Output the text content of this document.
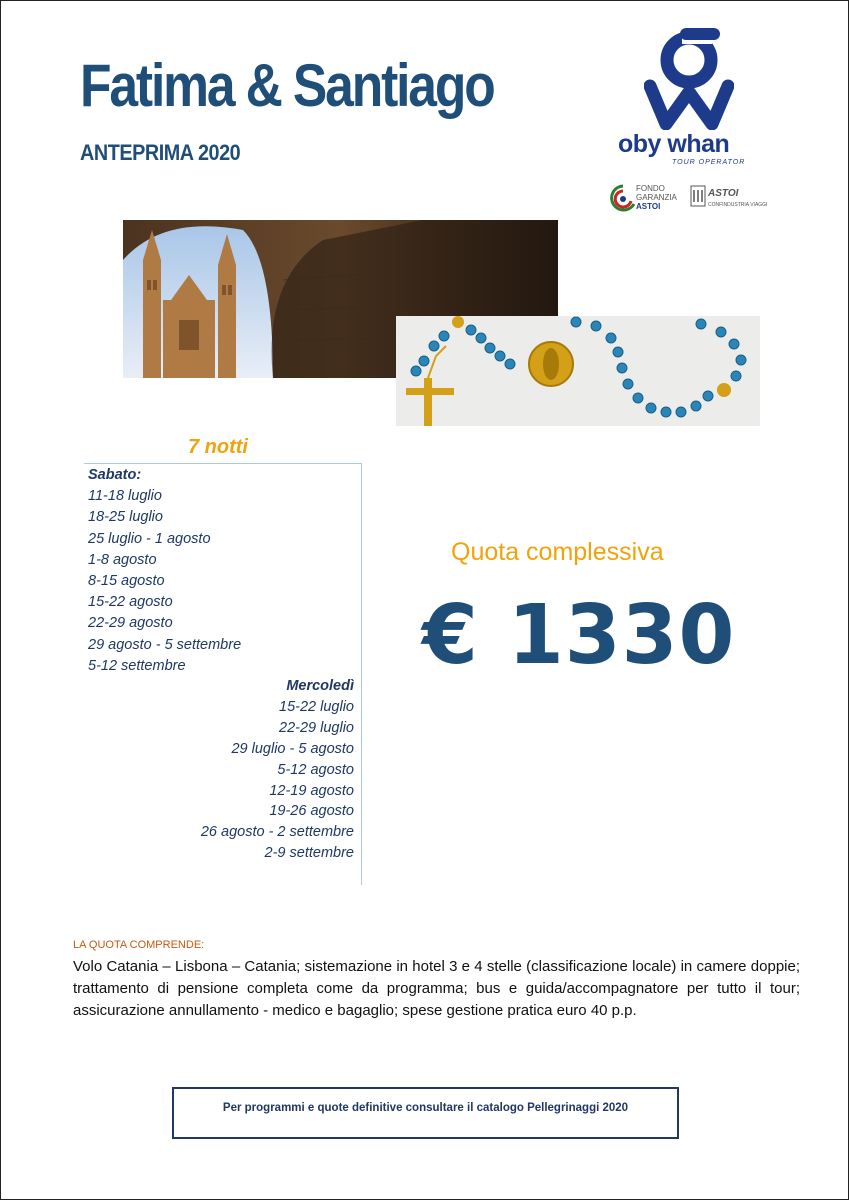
Fatima & Santiago
ANTEPRIMA 2020	oby whan
TOUR OPERATOR
FONDO
GARANZIA
ASTOI
ASTOI
CONFINDUSTRIA VIAGGI
7 notti
Sabato:
11-18 luglio
18-25 luglio
25 luglio - 1 agosto
1-8 agosto
8-15 agosto
15-22 agosto
22-29 agosto
29 agosto - 5 settembre
5-12 settembre
Mercoledì
15-22 luglio
22-29 luglio
29 luglio - 5 agosto
5-12 agosto
12-19 agosto
19-26 agosto
26 agosto - 2 settembre
2-9 settembre
Quota complessiva
€ 1330
LA QUOTA COMPRENDE:
Volo Catania – Lisbona – Catania; sistemazione in hotel 3 e 4 stelle (classificazione locale) in camere doppie; trattamento di pensione completa come da programma; bus e guida/accompagnatore per tutto il tour; assicurazione annullamento - medico e bagaglio; spese gestione pratica euro 40 p.p.
Per programmi e quote definitive consultare il catalogo Pellegrinaggi 2020
